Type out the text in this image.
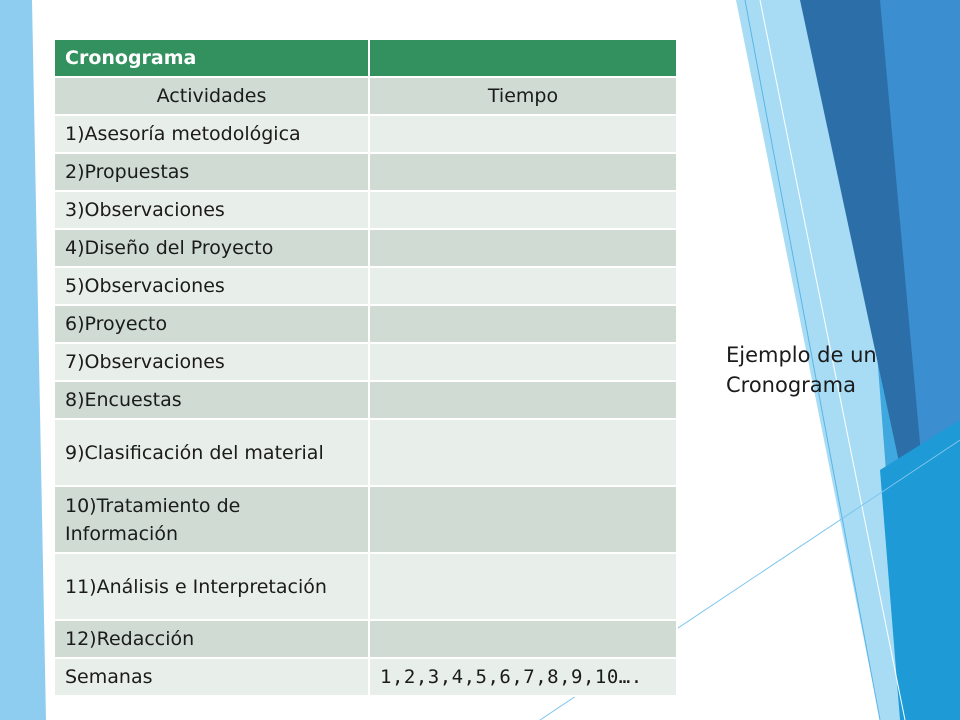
Cronograma	
Actividades	Tiempo
1)Asesoría metodológica	
2)Propuestas	
3)Observaciones	
4)Diseño del Proyecto	
5)Observaciones	
6)Proyecto	
7)Observaciones	
8)Encuestas	
9)Clasificación del material	
10)Tratamiento de Información	
11)Análisis e Interpretación	
12)Redacción	
Semanas	1,2,3,4,5,6,7,8,9,10….
Ejemplo de un
Cronograma
